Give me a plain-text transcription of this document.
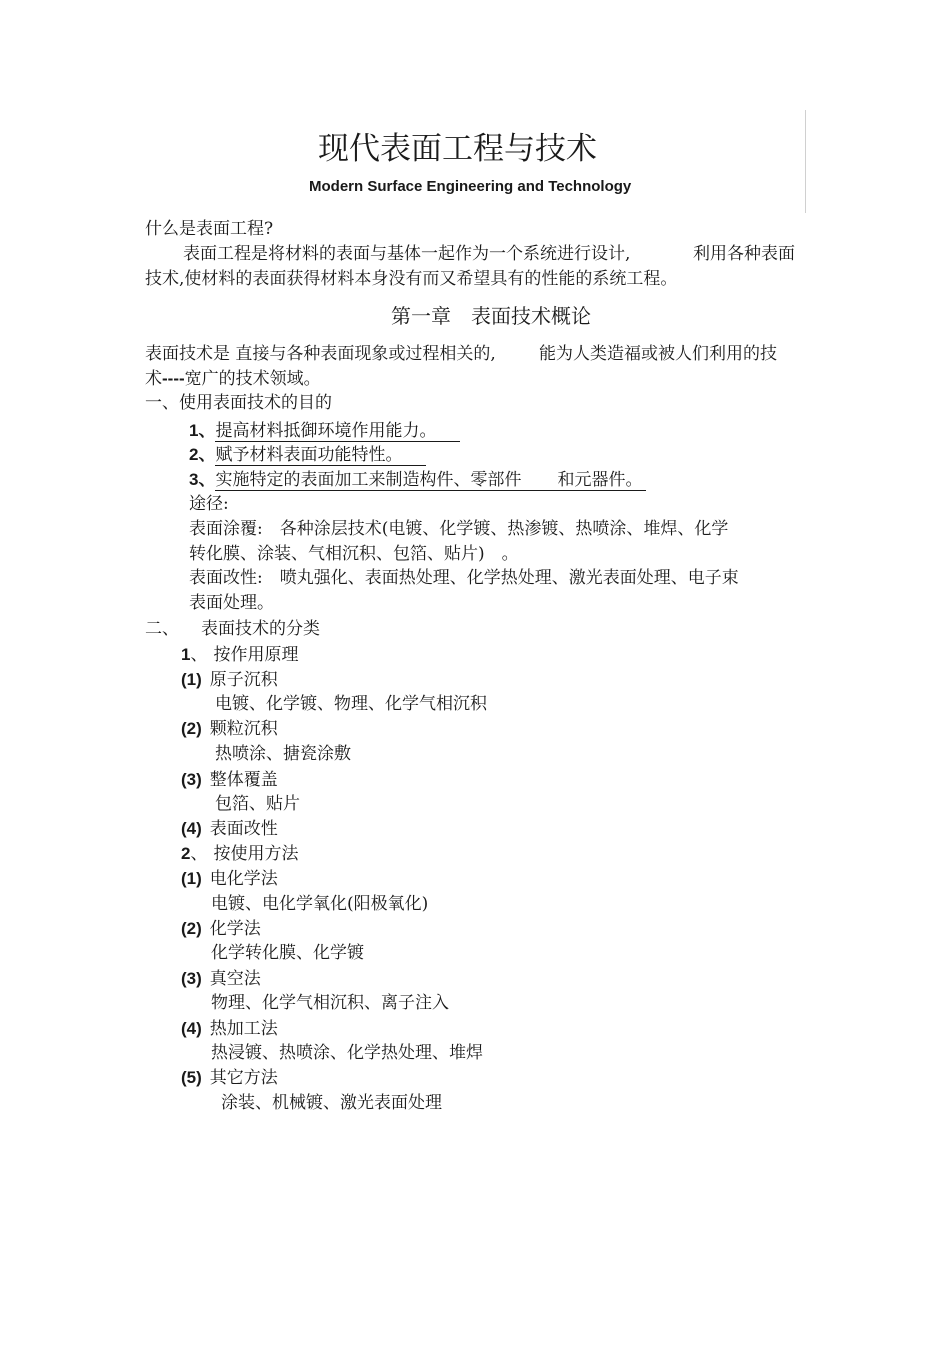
现代表面工程与技术
Modern Surface Engineering and Technology
什么是表面工程?
表面工程是将材料的表面与基体一起作为一个系统进行设计,	利用各种表面
技术,使材料的表面获得材料本身没有而又希望具有的性能的系统工程。
第一章　表面技术概论
表面技术是 直接与各种表面现象或过程相关的,	能为人类造福或被人们利用的技
术----宽广的技术领域。
一、使用表面技术的目的
1、提高材料抵御环境作用能力。
2、赋予材料表面功能特性。
3、实施特定的表面加工来制造构件、零部件 和元器件。
途径:
表面涂覆:　各种涂层技术(电镀、化学镀、热渗镀、热喷涂、堆焊、化学
转化膜、涂装、气相沉积、包箔、贴片)　。
表面改性:　喷丸强化、表面热处理、化学热处理、激光表面处理、电子束
表面处理。
二、 表面技术的分类
1、 按作用原理
(1) 原子沉积
电镀、化学镀、物理、化学气相沉积
(2) 颗粒沉积
热喷涂、搪瓷涂敷
(3) 整体覆盖
包箔、贴片
(4) 表面改性
2、 按使用方法
(1) 电化学法
电镀、电化学氧化(阳极氧化)
(2) 化学法
化学转化膜、化学镀
(3) 真空法
物理、化学气相沉积、离子注入
(4) 热加工法
热浸镀、热喷涂、化学热处理、堆焊
(5) 其它方法
涂装、机械镀、激光表面处理
